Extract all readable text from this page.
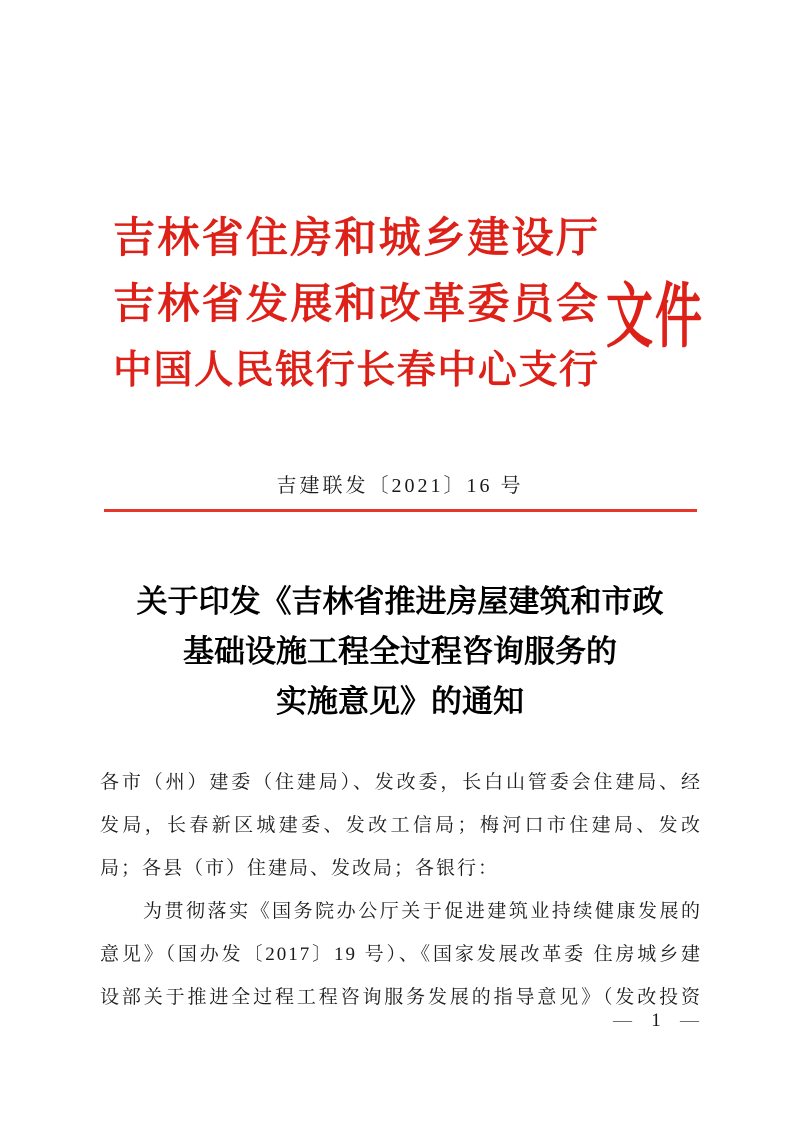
吉林省住房和城乡建设厅
吉林省发展和改革委员会
中国人民银行长春中心支行
文件
吉建联发〔2021〕16 号
关于印发《吉林省推进房屋建筑和市政
基础设施工程全过程咨询服务的
实施意见》的通知
各市（州）建委（住建局）、发改委，长白山管委会住建局、经
发局，长春新区城建委、发改工信局；梅河口市住建局、发改
局；各县（市）住建局、发改局；各银行：
为贯彻落实《国务院办公厅关于促进建筑业持续健康发展的
意见》（国办发〔2017〕19 号）、《国家发展改革委 住房城乡建
设部关于推进全过程工程咨询服务发展的指导意见》（发改投资
— 1 —
